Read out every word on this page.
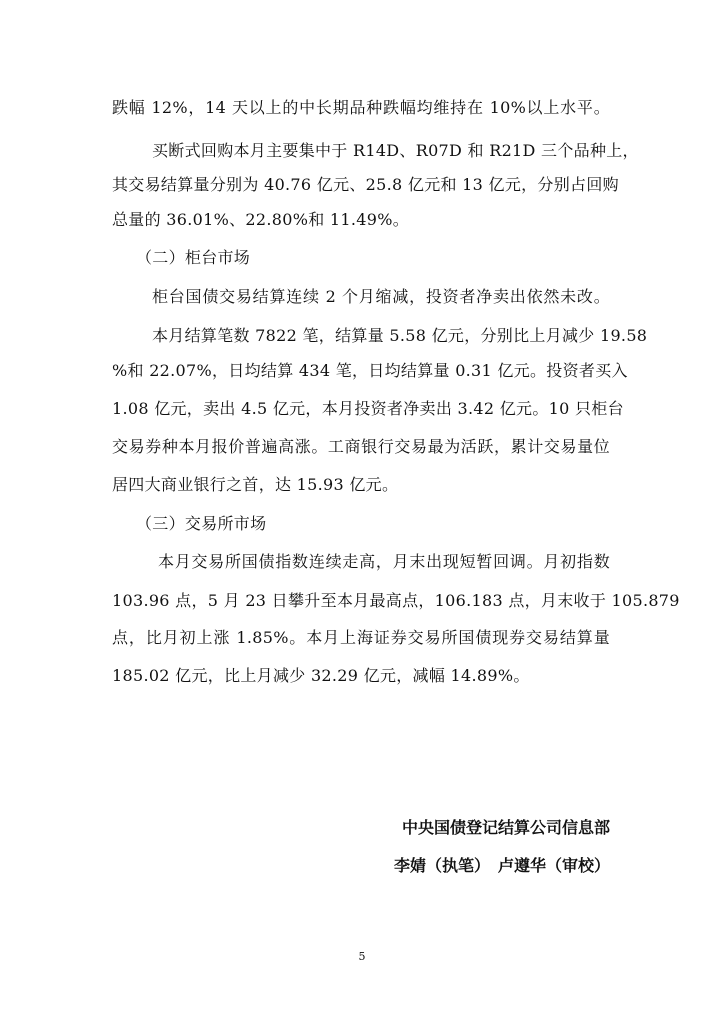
跌幅 12%，14 天以上的中长期品种跌幅均维持在 10%以上水平。
买断式回购本月主要集中于 R14D、R07D 和 R21D 三个品种上，
其交易结算量分别为 40.76 亿元、25.8 亿元和 13 亿元，分别占回购
总量的 36.01%、22.80%和 11.49%。
（二）柜台市场
柜台国债交易结算连续 2 个月缩减，投资者净卖出依然未改。
本月结算笔数 7822 笔，结算量 5.58 亿元，分别比上月减少 19.58
%和 22.07%，日均结算 434 笔，日均结算量 0.31 亿元。投资者买入
1.08 亿元，卖出 4.5 亿元，本月投资者净卖出 3.42 亿元。10 只柜台
交易券种本月报价普遍高涨。工商银行交易最为活跃，累计交易量位
居四大商业银行之首，达 15.93 亿元。
（三）交易所市场
本月交易所国债指数连续走高，月末出现短暂回调。月初指数
103.96 点，5 月 23 日攀升至本月最高点，106.183 点，月末收于 105.879
点，比月初上涨 1.85%。本月上海证券交易所国债现券交易结算量
185.02 亿元，比上月减少 32.29 亿元，减幅 14.89%。
中央国债登记结算公司信息部
李婧（执笔）　卢遵华（审校）
5
